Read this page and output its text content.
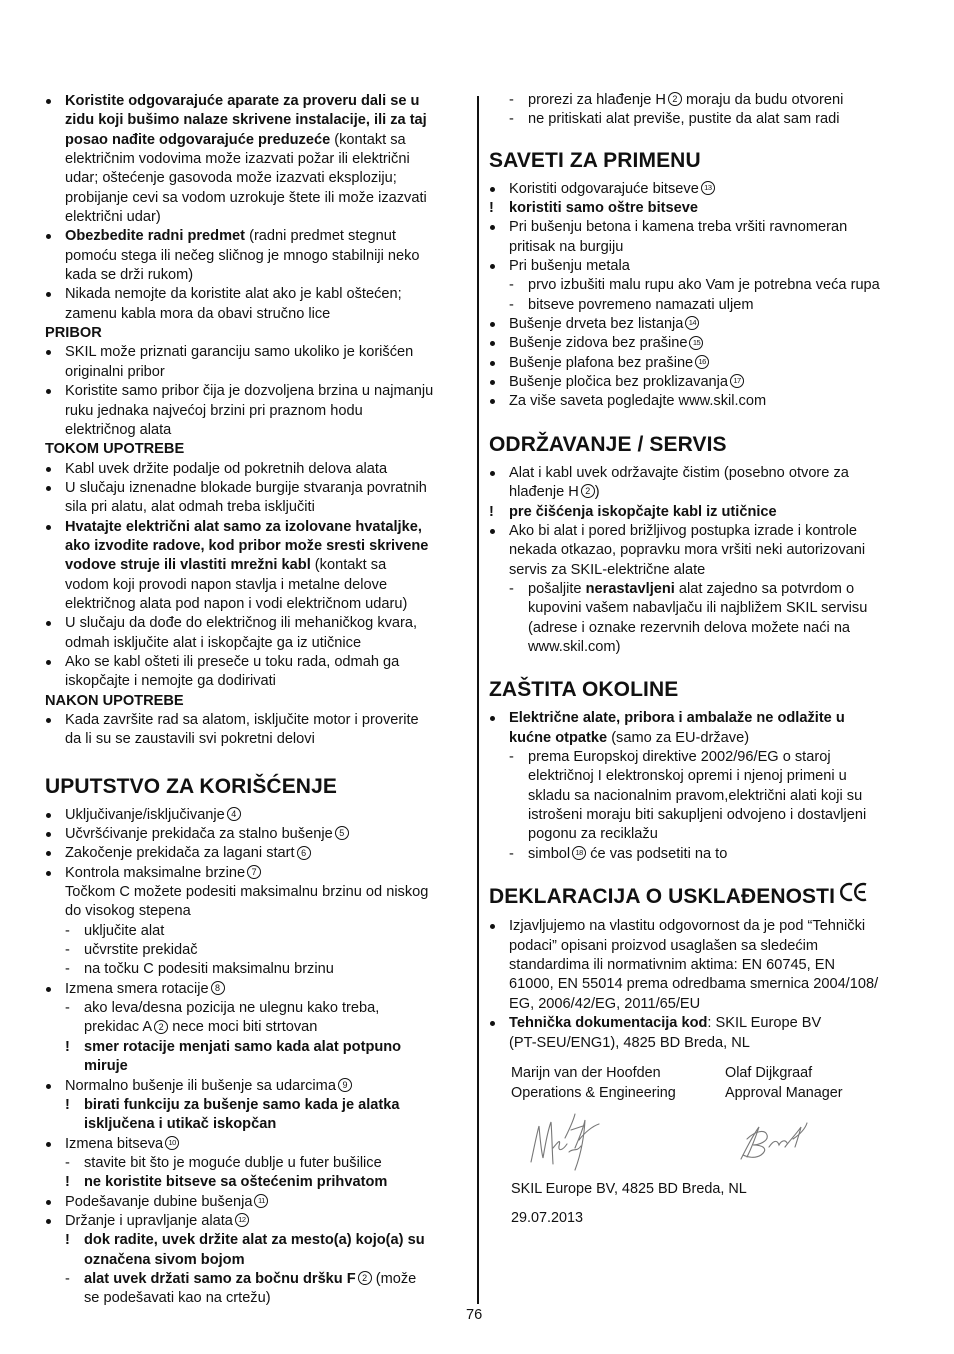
Koristite odgovarajuće aparate za proveru dali se u
zidu koji bušimo nalaze skrivene instalacije, ili za taj
posao nađite odgovarajuće preduzeće (kontakt sa
električnim vodovima može izazvati požar ili električni
udar; oštećenje gasovoda može izazvati eksploziju;
probijanje cevi sa vodom uzrokuje štete ili može izazvati
električni udar)
Obezbedite radni predmet (radni predmet stegnut
pomoću stega ili nečeg sličnog je mnogo stabilniji neko
kada se drži rukom)
Nikada nemojte da koristite alat ako je kabl oštećen;
zamenu kabla mora da obavi stručno lice
PRIBOR
SKIL može priznati garanciju samo ukoliko je korišćen
originalni pribor
Koristite samo pribor čija je dozvoljena brzina u najmanju
ruku jednaka najvećoj brzini pri praznom hodu
električnog alata
TOKOM UPOTREBE
Kabl uvek držite podalje od pokretnih delova alata
U slučaju iznenadne blokade burgije stvaranja povratnih
sila pri alatu, alat odmah treba isključiti
Hvatajte električni alat samo za izolovane hvataljke,
ako izvodite radove, kod pribor može sresti skrivene
vodove struje ili vlastiti mrežni kabl (kontakt sa
vodom koji provodi napon stavlja i metalne delove
električnog alata pod napon i vodi električnom udaru)
U slučaju da dođe do električnog ili mehaničkog kvara,
odmah isključite alat i iskopčajte ga iz utičnice
Ako se kabl ošteti ili preseče u toku rada, odmah ga
iskopčajte i nemojte ga dodirivati
NAKON UPOTREBE
Kada završite rad sa alatom, isključite motor i proverite
da li su se zaustavili svi pokretni delovi
UPUTSTVO ZA KORIŠĆENJE
Uključivanje/isključivanje 4
Učvršćivanje prekidača za stalno bušenje 5
Zakočenje prekidača za lagani start 6
Kontrola maksimalne brzine 7
Točkom C možete podesiti maksimalnu brzinu od niskog
do visokog stepena
- uključite alat
- učvrstite prekidač
- na točku C podesiti maksimalnu brzinu
Izmena smera rotacije 8
- ako leva/desna pozicija ne ulegnu kako treba,
prekidac A 2 nece moci biti strtovan
! smer rotacije menjati samo kada alat potpuno
miruje
Normalno bušenje ili bušenje sa udarcima 9
! birati funkciju za bušenje samo kada je alatka
isključena i utikač iskopčan
Izmena bitseva 10
- stavite bit što je moguće dublje u futer bušilice
! ne koristite bitseve sa oštećenim prihvatom
Podešavanje dubine bušenja 11
Držanje i upravljanje alata 12
! dok radite, uvek držite alat za mesto(a) kojo(a) su
označena sivom bojom
- alat uvek držati samo za bočnu dršku F 2 (može
se podešavati kao na crtežu)
- prorezi za hlađenje H 2 moraju da budu otvoreni
- ne pritiskati alat previše, pustite da alat sam radi
SAVETI ZA PRIMENU
Koristiti odgovarajuće bitseve 13
!	koristiti samo oštre bitseve
Pri bušenju betona i kamena treba vršiti ravnomeran
pritisak na burgiju
Pri bušenju metala
- prvo izbušiti malu rupu ako Vam je potrebna veća rupa
- bitseve povremeno namazati uljem
Bušenje drveta bez listanja 14
Bušenje zidova bez prašine 15
Bušenje plafona bez prašine 16
Bušenje pločica bez proklizavanja 17
Za više saveta pogledajte www.skil.com
ODRŽAVANJE / SERVIS
Alat i kabl uvek održavajte čistim (posebno otvore za
hlađenje H 2 )
!	pre čišćenja iskopčajte kabl iz utičnice
Ako bi alat i pored brižljivog postupka izrade i kontrole
nekada otkazao, popravku mora vršiti neki autorizovani
servis za SKIL-električne alate
- pošaljite nerastavljeni alat zajedno sa potvrdom o
kupovini vašem nabavljaču ili najbližem SKIL servisu
(adrese i oznake rezervnih delova možete naći na
www.skil.com)
ZAŠTITA OKOLINE
Električne alate, pribora i ambalaže ne odlažite u
kućne otpatke (samo za EU-države)
- prema Europskoj direktive 2002/96/EG o staroj
električnoj I elektronskoj opremi i njenoj primeni u
skladu sa nacionalnim pravom,električni alati koji su
istrošeni moraju biti sakupljeni odvojeno i dostavljeni
pogonu za reciklažu
- simbol 18 će vas podsetiti na to
DEKLARACIJA O USKLAĐENOSTI
Izjavljujemo na vlastitu odgovornost da je pod “Tehnički
podaci” opisani proizvod usaglašen sa sledećim
standardima ili normativnim aktima: EN 60745, EN
61000, EN 55014 prema odredbama smernica 2004/108/
EG, 2006/42/EG, 2011/65/EU
Tehnička dokumentacija kod: SKIL Europe BV
(PT-SEU/ENG1), 4825 BD Breda, NL
Marijn van der Hoofden
Operations & Engineering
Olaf Dijkgraaf
Approval Manager
SKIL Europe BV, 4825 BD Breda, NL
29.07.2013
76
